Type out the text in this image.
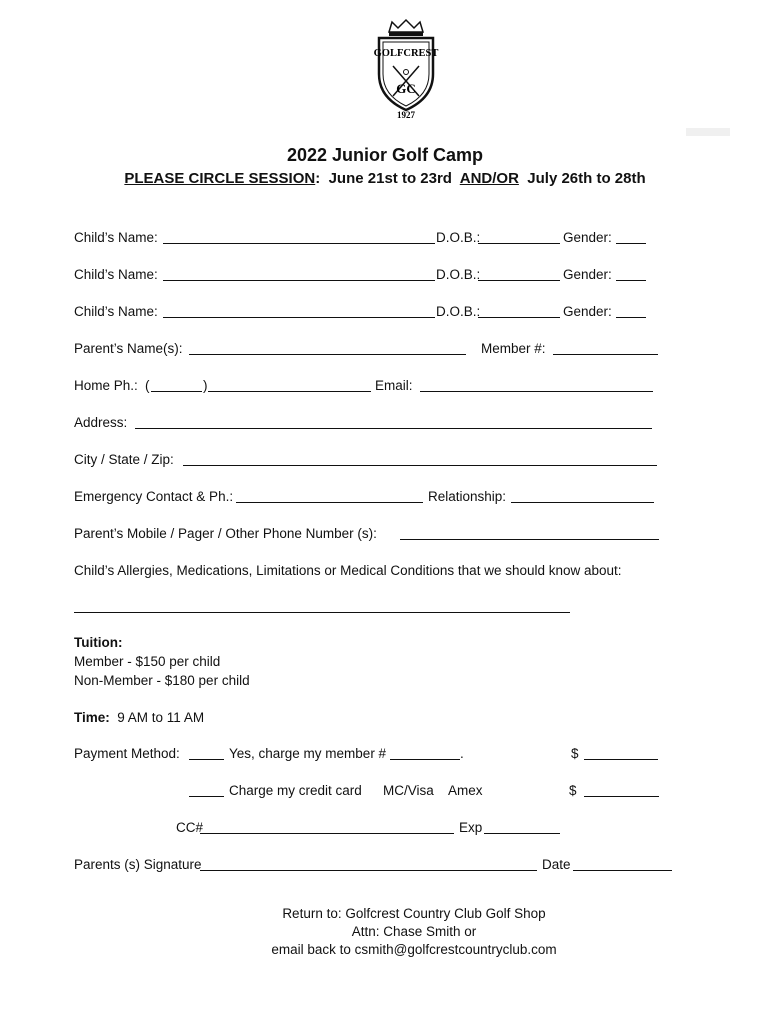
GOLFCREST
GC
1927
2022 Junior Golf Camp
PLEASE CIRCLE SESSION: June 21st to 23rd AND/OR July 26th to 28th
Child’s Name:	D.O.B.:	Gender:
Child’s Name:	D.O.B.:	Gender:
Child’s Name:	D.O.B.:	Gender:
Parent’s Name(s):	Member #:
Home Ph.: (	)	Email:
Address:
City / State / Zip:
Emergency Contact & Ph.:	Relationship:
Parent’s Mobile / Pager / Other Phone Number (s):
Child’s Allergies, Medications, Limitations or Medical Conditions that we should know about:
Tuition:
Member - $150 per child
Non-Member - $180 per child
Time: 9 AM to 11 AM
Payment Method:	Yes, charge my member #	.	$
Charge my credit card MC/Visa    Amex	$
CC#	Exp
Parents (s) Signature	Date
Return to: Golfcrest Country Club Golf Shop
Attn: Chase Smith or
email back to csmith@golfcrestcountryclub.com
